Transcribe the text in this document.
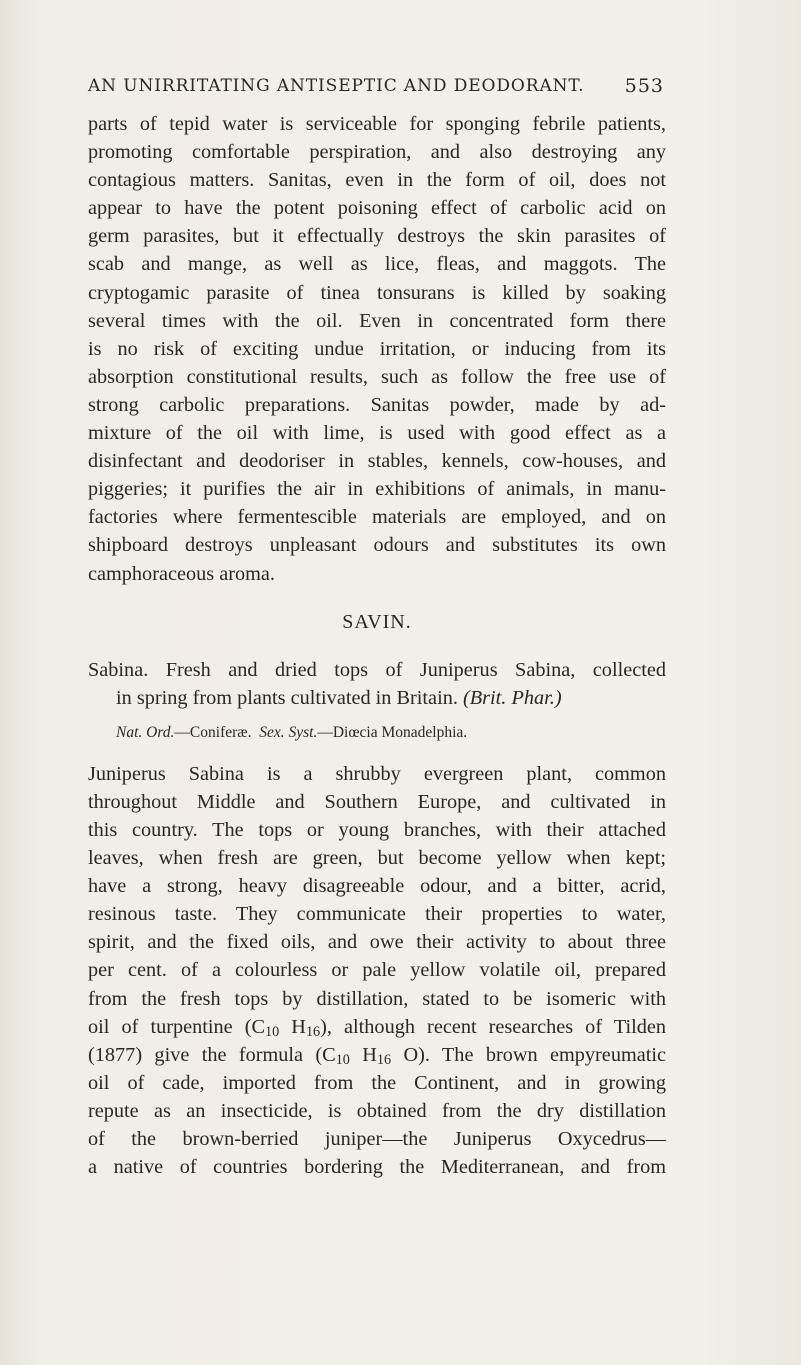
AN UNIRRITATING ANTISEPTIC AND DEODORANT. 553
parts of tepid water is serviceable for sponging febrile patients,
promoting comfortable perspiration, and also destroying any
contagious matters. Sanitas, even in the form of oil, does not
appear to have the potent poisoning effect of carbolic acid on
germ parasites, but it effectually destroys the skin parasites of
scab and mange, as well as lice, fleas, and maggots. The
cryptogamic parasite of tinea tonsurans is killed by soaking
several times with the oil. Even in concentrated form there
is no risk of exciting undue irritation, or inducing from its
absorption constitutional results, such as follow the free use of
strong carbolic preparations. Sanitas powder, made by ad-
mixture of the oil with lime, is used with good effect as a
disinfectant and deodoriser in stables, kennels, cow-houses, and
piggeries; it purifies the air in exhibitions of animals, in manu-
factories where fermentescible materials are employed, and on
shipboard destroys unpleasant odours and substitutes its own
camphoraceous aroma.
SAVIN.
Sabina. Fresh and dried tops of Juniperus Sabina, collected
in spring from plants cultivated in Britain. (Brit. Phar.)
Nat. Ord.—Coniferæ. Sex. Syst.—Diœcia Monadelphia.
Juniperus Sabina is a shrubby evergreen plant, common
throughout Middle and Southern Europe, and cultivated in
this country. The tops or young branches, with their attached
leaves, when fresh are green, but become yellow when kept;
have a strong, heavy disagreeable odour, and a bitter, acrid,
resinous taste. They communicate their properties to water,
spirit, and the fixed oils, and owe their activity to about three
per cent. of a colourless or pale yellow volatile oil, prepared
from the fresh tops by distillation, stated to be isomeric with
oil of turpentine ($C_{10}$ $H_{16}$), although recent researches of Tilden
(1877) give the formula ($C_{10}$ $H_{16}$ O). The brown empyreumatic
oil of cade, imported from the Continent, and in growing
repute as an insecticide, is obtained from the dry distillation
of the brown-berried juniper—the Juniperus Oxycedrus—
a native of countries bordering the Mediterranean, and from
